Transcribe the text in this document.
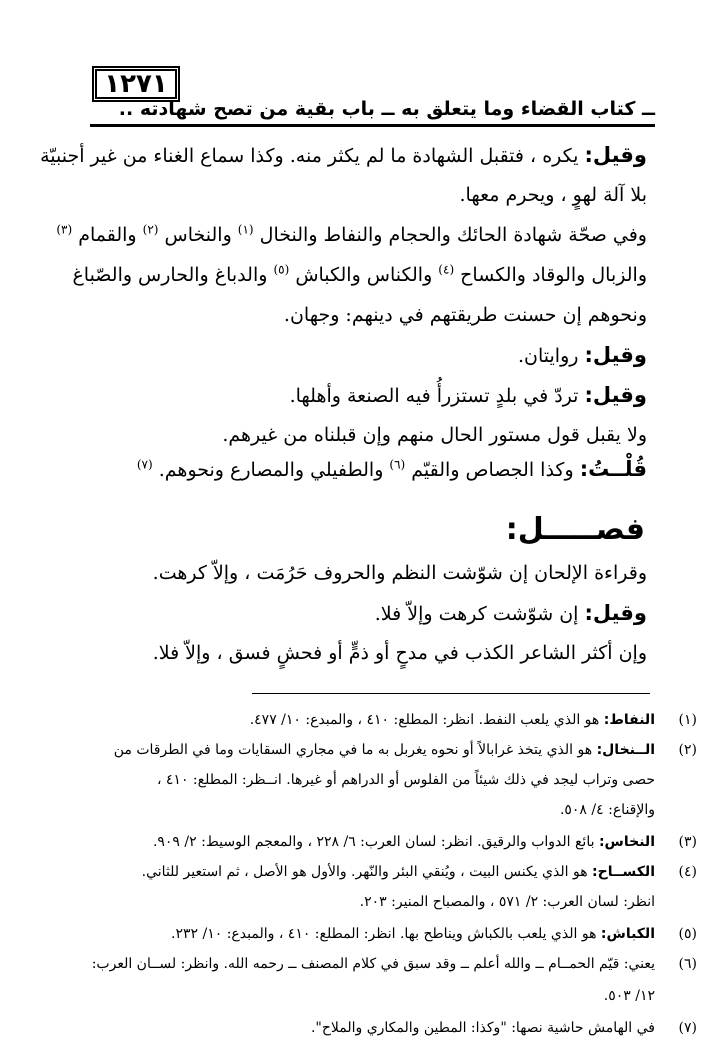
١٢٧١
ــ كتاب القضاء وما يتعلق به ــ باب بقية من تصح شهادته ..
وقيل: يكره ، فتقبل الشهادة ما لم يكثر منه. وكذا سماع الغناء من غير أجنبيّة
بلا آلة لهوٍ ، ويحرم معها.
وفي صحّة شهادة الحائك والحجام والنفاط والنخال $^{(١)}$ والنخاس $^{(٢)}$ والقمام $^{(٣)}$
والزبال والوقاد والكساح $^{(٤)}$ والكناس والكباش $^{(٥)}$ والدباغ والحارس والصّباغ
ونحوهم إن حسنت طريقتهم في دينهم: وجهان.
وقيل: روايتان.
وقيل: تردّ في بلدٍ تستزرأُ فيه الصنعة وأهلها.
ولا يقبل قول مستور الحال منهم وإن قبلناه من غيرهم.
قُلْــتُ: وكذا الجصاص والقيّم $^{(٦)}$ والطفيلي والمصارع ونحوهم. $^{(٧)}$
فصـــــل:
وقراءة الإلحان إن شوّشت النظم والحروف حَرُمَت ، وإلاّ كرهت.
وقيل: إن شوّشت كرهت وإلاّ فلا.
وإن أكثر الشاعر الكذب في مدحٍ أو ذمٍّ أو فحشٍ فسق ، وإلاّ فلا.
(١)
النفاط: هو الذي يلعب النفط. انظر: المطلع: ٤١٠ ، والمبدع: ١٠/ ٤٧٧.
(٢)
الــنخال: هو الذي يتخذ غرابالاً أو نحوه يغربل به ما في مجاري السقايات وما في الطرقات من
حصى وتراب ليجد في ذلك شيئاً من الفلوس أو الدراهم أو غيرها. انــظر: المطلع: ٤١٠ ،
والإقناع: ٤/ ٥٠٨.
(٣)
النخاس: بائع الدواب والرقيق. انظر: لسان العرب: ٦/ ٢٢٨ ، والمعجم الوسيط: ٢/ ٩٠٩.
(٤)
الكســاح: هو الذي يكنس البيت ، ويُنقي البئر والنّهر. والأول هو الأصل ، ثم استعير للثاني.
انظر: لسان العرب: ٢/ ٥٧١ ، والمصباح المنير: ٢٠٣.
(٥)
الكباش: هو الذي يلعب بالكباش ويناطح بها. انظر: المطلع: ٤١٠ ، والمبدع: ١٠/ ٢٣٢.
(٦)
يعني: قيّم الحمــام ــ والله أعلم ــ وقد سبق في كلام المصنف ــ رحمه الله. وانظر: لســان العرب:
١٢/ ٥٠٣.
(٧)
في الهامش حاشية نصها: "وكذا: المطين والمكاري والملاح".
